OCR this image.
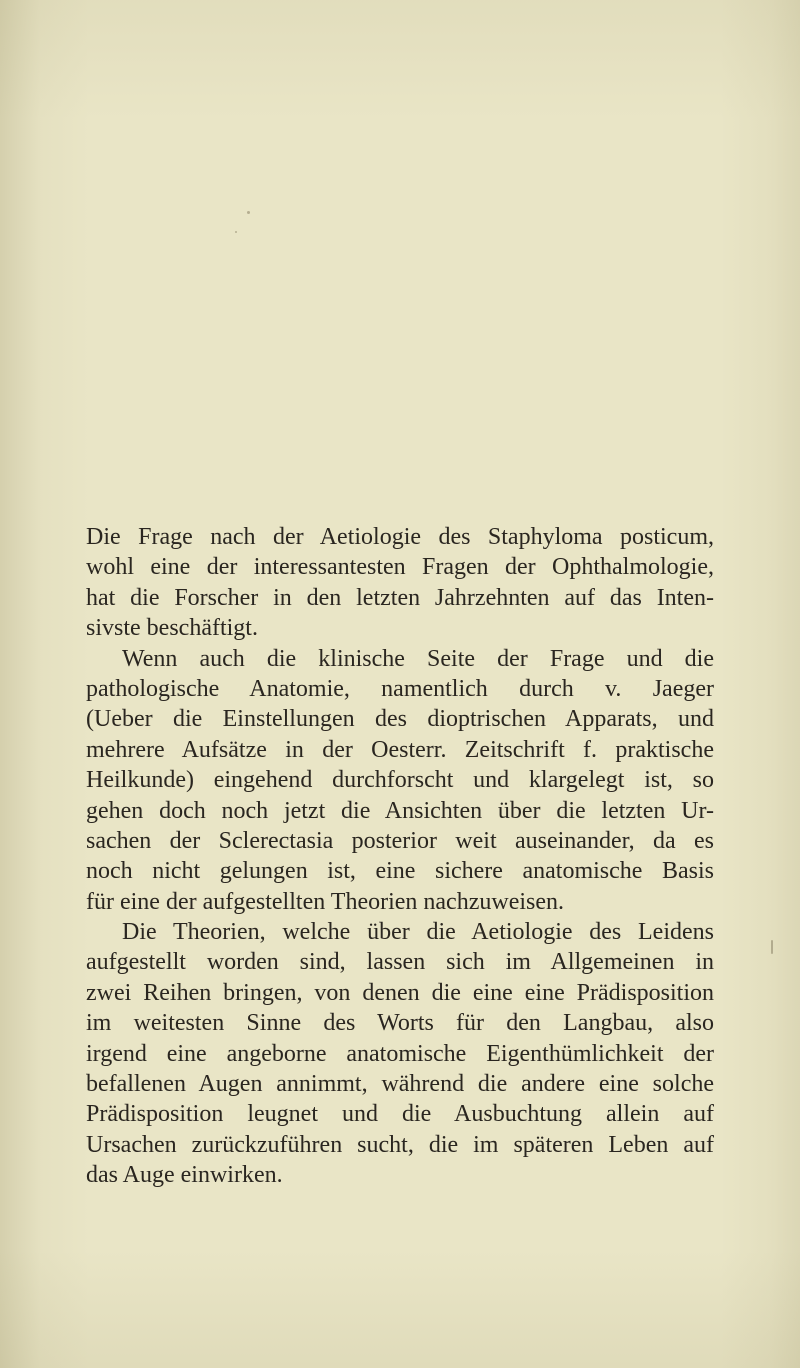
Die Frage nach der Aetiologie des Staphyloma posticum,
wohl eine der interessantesten Fragen der Ophthalmologie,
hat die Forscher in den letzten Jahrzehnten auf das Inten-
sivste beschäftigt.
Wenn auch die klinische Seite der Frage und die
pathologische Anatomie, namentlich durch v. Jaeger
(Ueber die Einstellungen des dioptrischen Apparats, und
mehrere Aufsätze in der Oesterr. Zeitschrift f. praktische
Heilkunde) eingehend durchforscht und klargelegt ist, so
gehen doch noch jetzt die Ansichten über die letzten Ur-
sachen der Sclerectasia posterior weit auseinander, da es
noch nicht gelungen ist, eine sichere anatomische Basis
für eine der aufgestellten Theorien nachzuweisen.
Die Theorien, welche über die Aetiologie des Leidens
aufgestellt worden sind, lassen sich im Allgemeinen in
zwei Reihen bringen, von denen die eine eine Prädisposition
im weitesten Sinne des Worts für den Langbau, also
irgend eine angeborne anatomische Eigenthümlichkeit der
befallenen Augen annimmt, während die andere eine solche
Prädisposition leugnet und die Ausbuchtung allein auf
Ursachen zurückzuführen sucht, die im späteren Leben auf
das Auge einwirken.
